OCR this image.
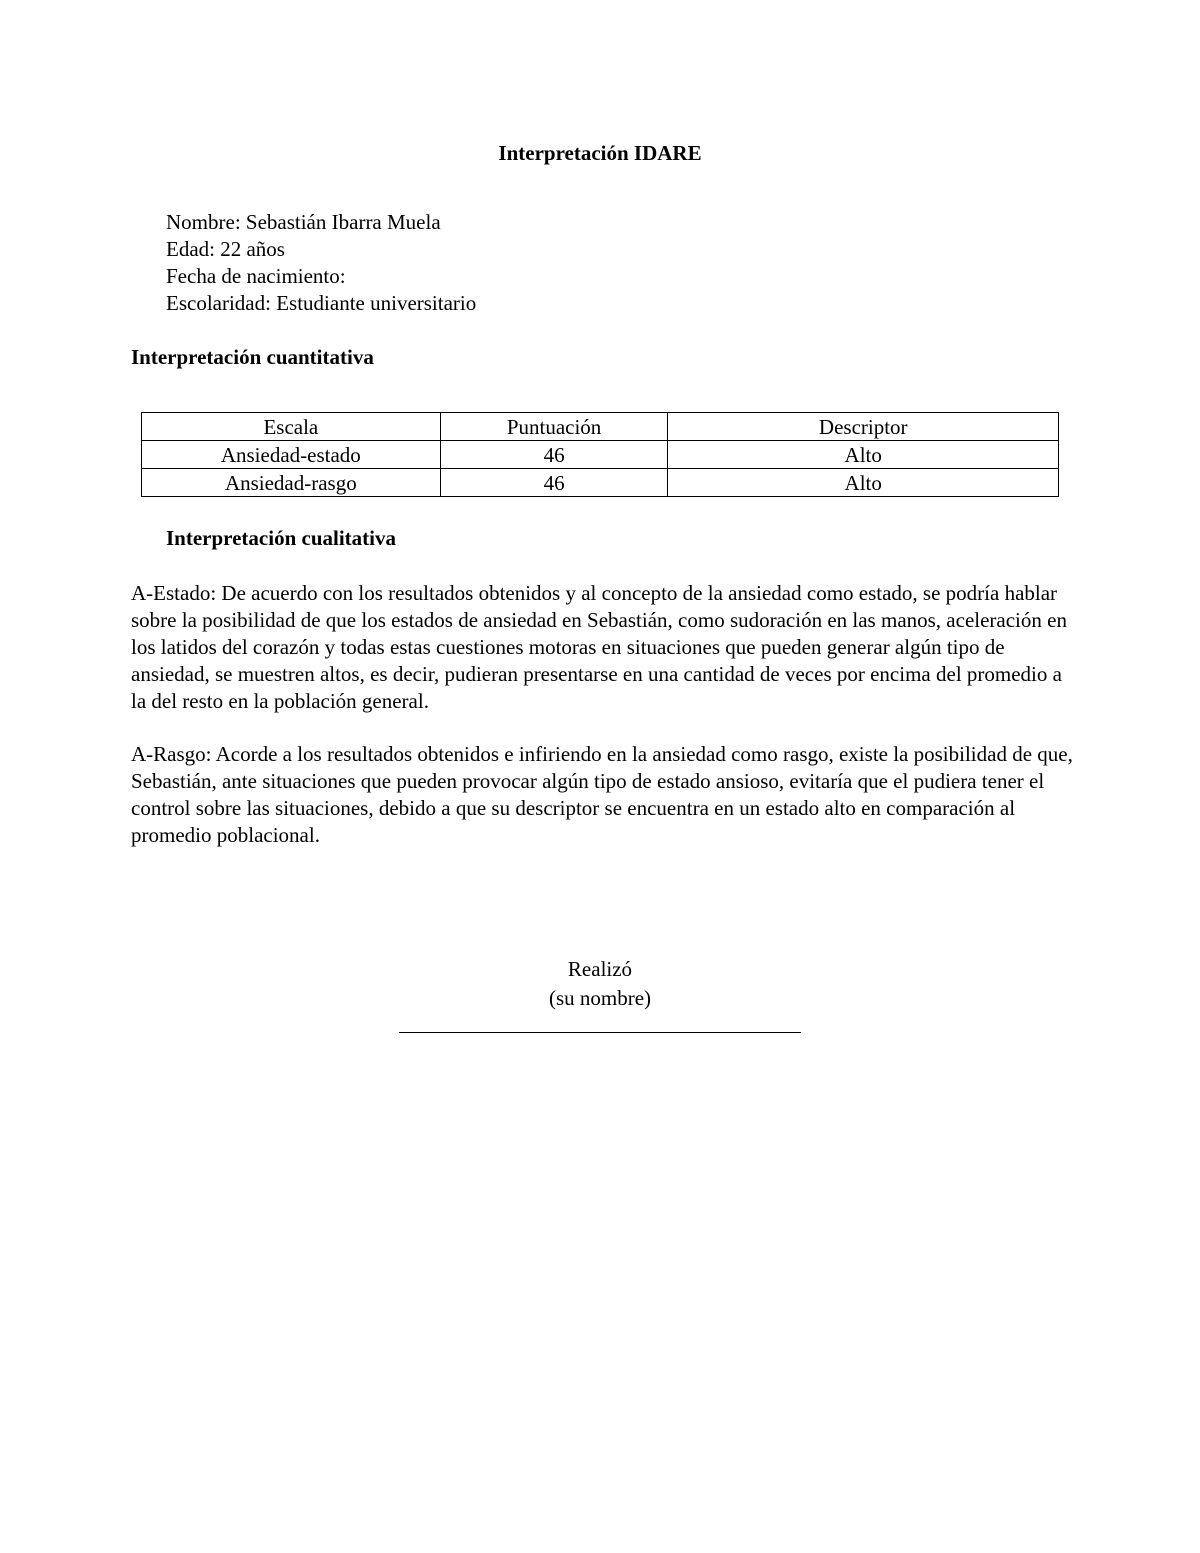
Interpretación IDARE
Nombre: Sebastián Ibarra Muela
Edad: 22 años
Fecha de nacimiento:
Escolaridad: Estudiante universitario
Interpretación cuantitativa
Escala	Puntuación	Descriptor
Ansiedad-estado	46	Alto
Ansiedad-rasgo	46	Alto
Interpretación cualitativa
A-Estado: De acuerdo con los resultados obtenidos y al concepto de la ansiedad como estado, se podría hablar sobre la posibilidad de que los estados de ansiedad en Sebastián, como sudoración en las manos, aceleración en los latidos del corazón y todas estas cuestiones motoras en situaciones que pueden generar algún tipo de ansiedad, se muestren altos, es decir, pudieran presentarse en una cantidad de veces por encima del promedio a la del resto en la población general.
A-Rasgo: Acorde a los resultados obtenidos e infiriendo en la ansiedad como rasgo, existe la posibilidad de que, Sebastián, ante situaciones que pueden provocar algún tipo de estado ansioso, evitaría que el pudiera tener el control sobre las situaciones, debido a que su descriptor se encuentra en un estado alto en comparación al promedio poblacional.
Realizó
(su nombre)
